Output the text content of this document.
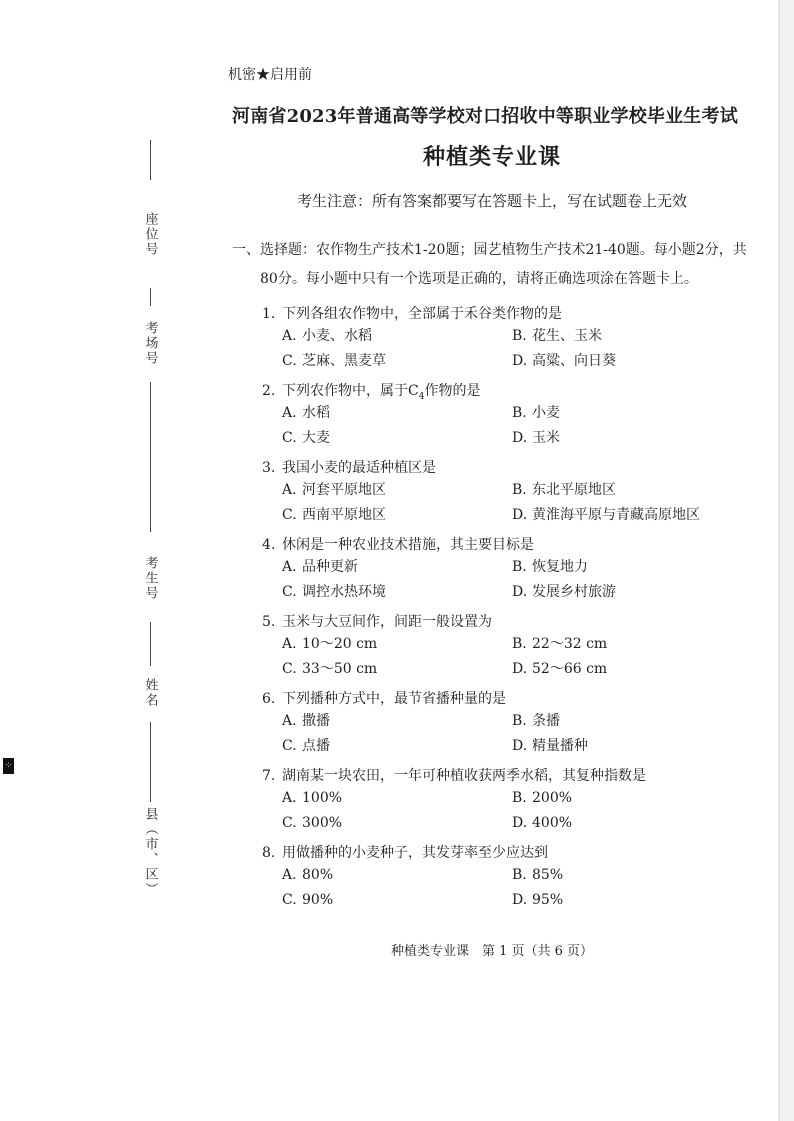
⁘
座位号
考场号
考生号
姓名
县（市、区）
机密★启用前
河南省2023年普通高等学校对口招收中等职业学校毕业生考试
种植类专业课
考生注意：所有答案都要写在答题卡上，写在试题卷上无效
一、选择题：农作物生产技术1-20题；园艺植物生产技术21-40题。每小题2分，共
80分。每小题中只有一个选项是正确的，请将正确选项涂在答题卡上。
1. 下列各组农作物中，全部属于禾谷类作物的是
A. 小麦、水稻	B. 花生、玉米
C. 芝麻、黑麦草	D. 高粱、向日葵
2. 下列农作物中，属于$C_4$作物的是
A. 水稻	B. 小麦
C. 大麦	D. 玉米
3. 我国小麦的最适种植区是
A. 河套平原地区	B. 东北平原地区
C. 西南平原地区	D. 黄淮海平原与青藏高原地区
4. 休闲是一种农业技术措施，其主要目标是
A. 品种更新	B. 恢复地力
C. 调控水热环境	D. 发展乡村旅游
5. 玉米与大豆间作，间距一般设置为
A. 10～20 cm	B. 22～32 cm
C. 33～50 cm	D. 52～66 cm
6. 下列播种方式中，最节省播种量的是
A. 撒播	B. 条播
C. 点播	D. 精量播种
7. 湖南某一块农田，一年可种植收获两季水稻，其复种指数是
A. 100%	B. 200%
C. 300%	D. 400%
8. 用做播种的小麦种子，其发芽率至少应达到
A. 80%	B. 85%
C. 90%	D. 95%
种植类专业课　第 1 页（共 6 页）
